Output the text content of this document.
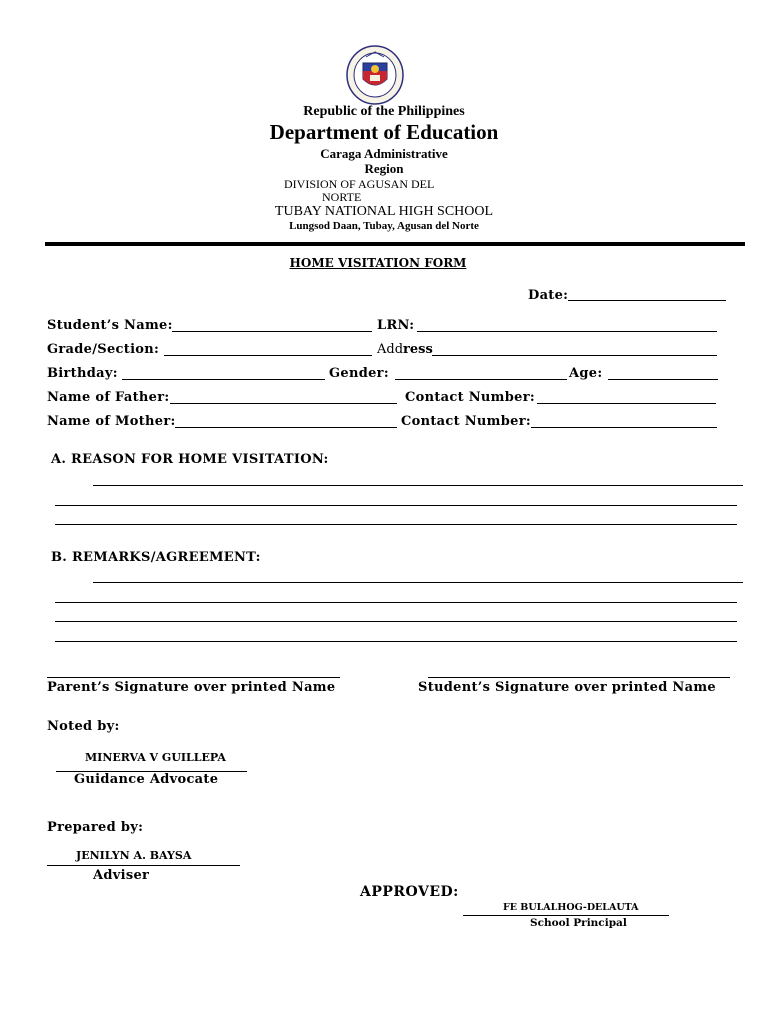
Republic of the Philippines
Department of Education
Caraga Administrative
Region
DIVISION OF AGUSAN DEL
NORTE
TUBAY NATIONAL HIGH SCHOOL
Lungsod Daan, Tubay, Agusan del Norte
HOME VISITATION FORM
Date:
Student’s Name:	LRN:
Grade/Section:	Address
Birthday:	Gender:	Age:
Name of Father:	Contact Number:
Name of Mother:	Contact Number:
A. REASON FOR HOME VISITATION:
B. REMARKS/AGREEMENT:
Parent’s Signature over printed Name	Student’s Signature over printed Name
Noted by:
MINERVA V GUILLEPA
Guidance Advocate
Prepared by:
JENILYN A. BAYSA
Adviser
APPROVED:
FE BULALHOG-DELAUTA
School Principal
